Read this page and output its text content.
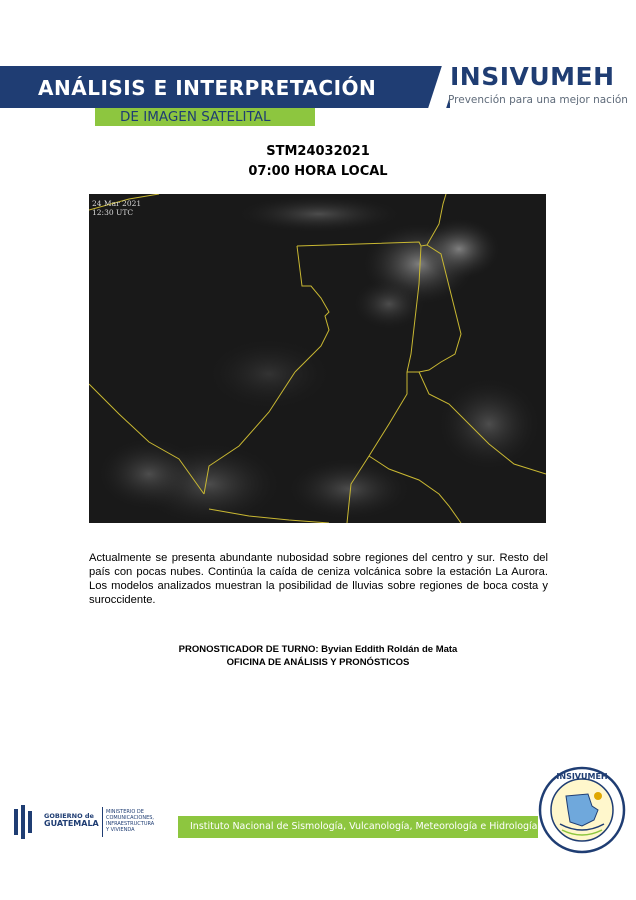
ANÁLISIS E INTERPRETACIÓN
DE IMAGEN SATELITAL
INSIVUMEH
Prevención para una mejor nación
STM24032021
07:00 HORA LOCAL
24 Mar 2021
12:30 UTC
Actualmente se presenta abundante nubosidad sobre regiones del centro y sur. Resto del país con pocas nubes. Continúa la caída de ceniza volcánica sobre la estación La Aurora. Los modelos analizados muestran la posibilidad de lluvias sobre regiones de boca costa y suroccidente.
PRONOSTICADOR DE TURNO: Byvian Eddith Roldán de Mata
OFICINA DE ANÁLISIS Y PRONÓSTICOS
GOBIERNO de
GUATEMALA
MINISTERIO DE
COMUNICACIONES,
INFRAESTRUCTURA
Y VIVIENDA	Instituto Nacional de Sismología, Vulcanología, Meteorología e Hidrología
INSIVUMEH
